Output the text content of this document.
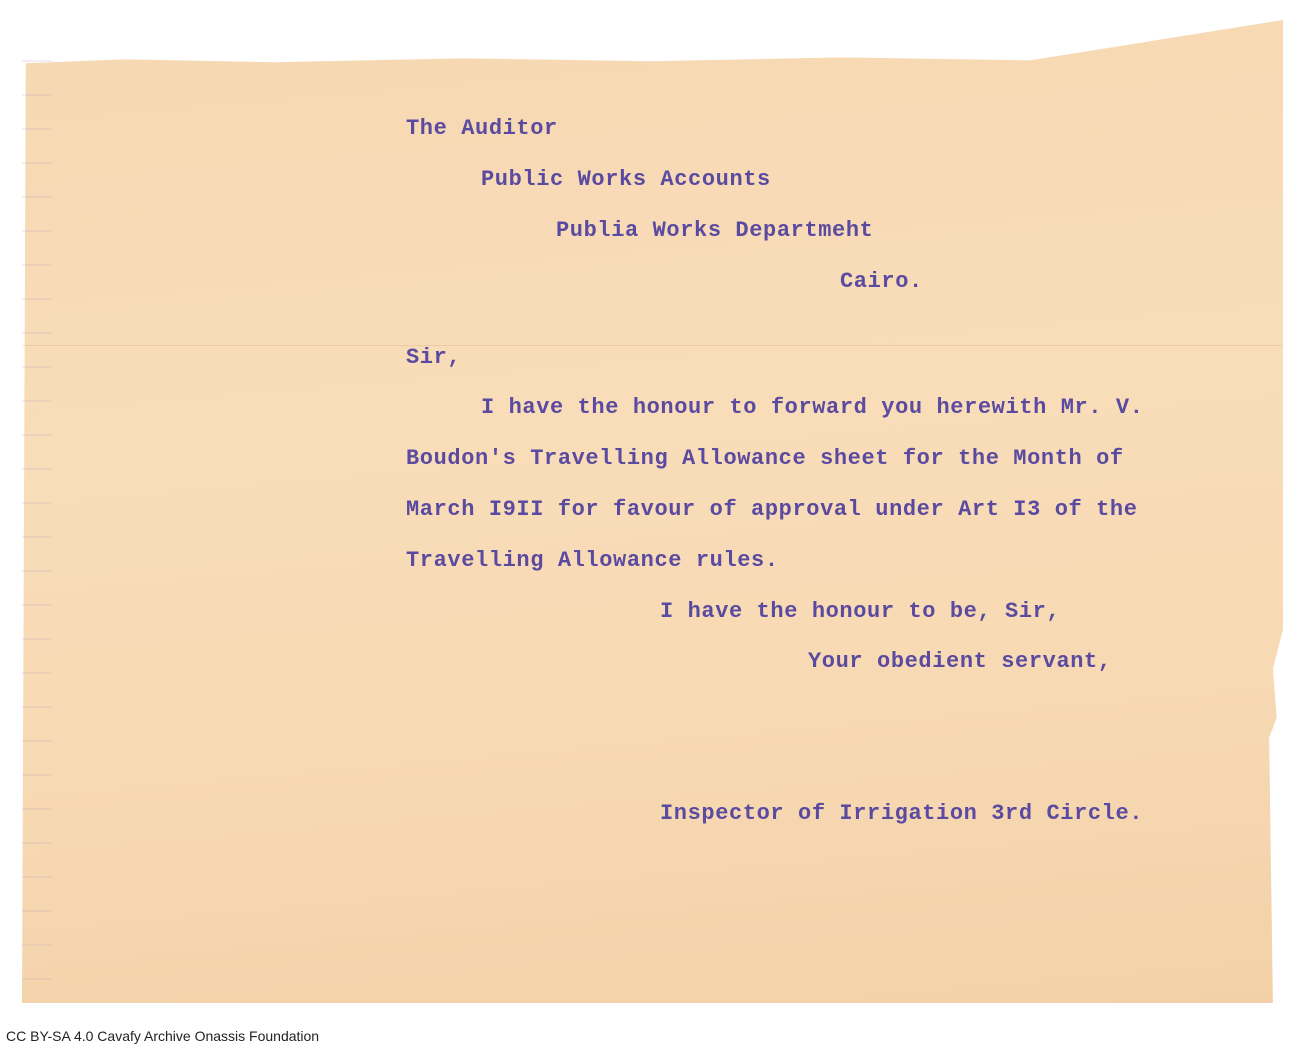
The Auditor

Public Works Accounts

Publia Works Departmeht

Cairo.

Sir,

I have the honour to forward you herewith Mr. V.

Boudon's Travelling Allowance sheet for the Month of

March I9II for favour of approval under Art I3 of the

Travelling Allowance rules.

I have the honour to be, Sir,

Your obedient servant,

Inspector of Irrigation 3rd Circle.

CC BY-SA 4.0 Cavafy Archive Onassis Foundation
